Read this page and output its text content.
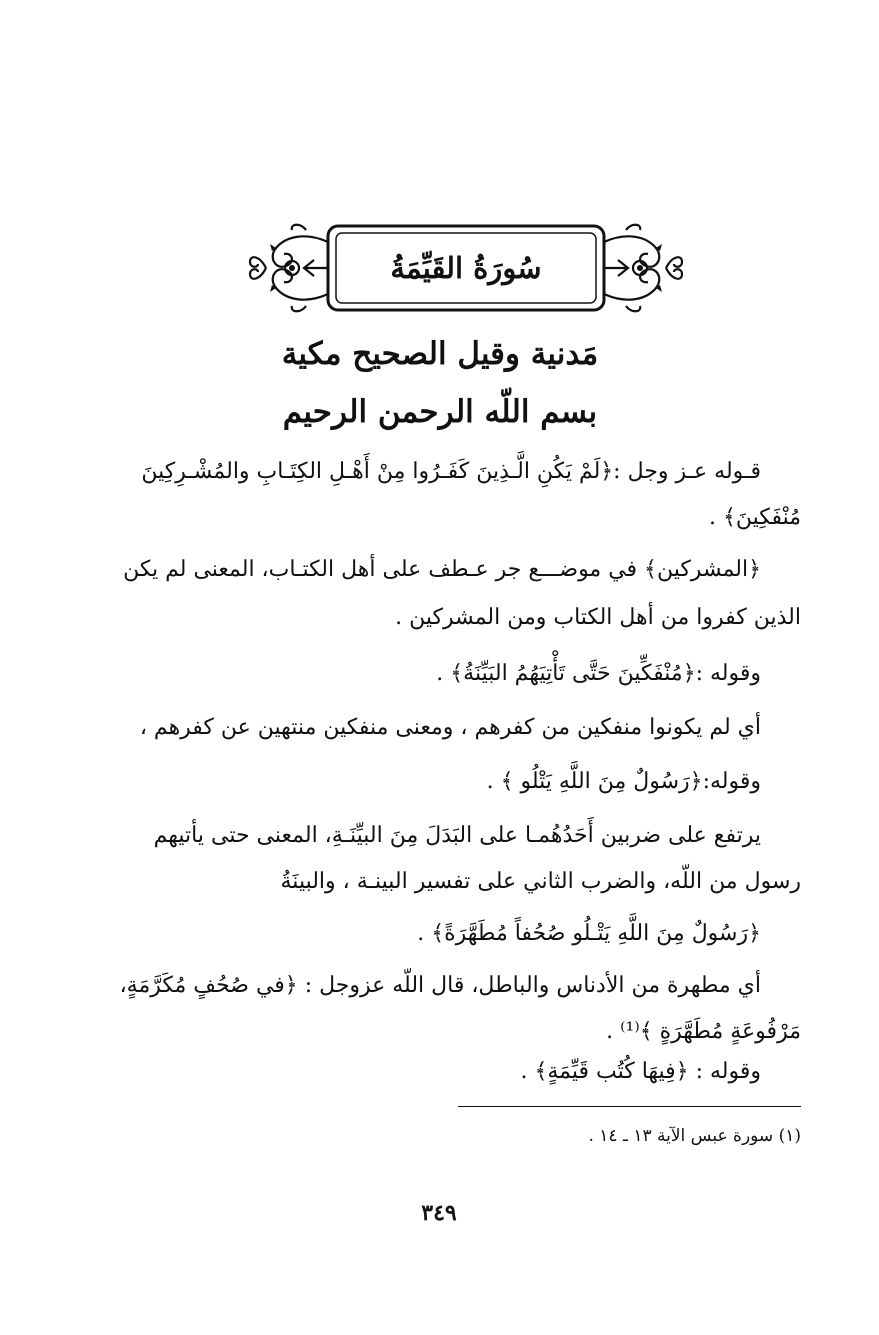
سُورَةُ القَيِّمَةُ
مَدنية وقيل الصحيح مكية
بسم اللّه الرحمن الرحيم
قـوله عـز وجل :﴿لَمْ يَكُنِ الَّـذِينَ كَفَـرُوا مِنْ أَهْـلِ الكِتَـابِ والمُشْـرِكِينَ
مُنْفَكِينَ﴾ .
﴿المشركين﴾ في موضـــع جر عـطف على أهل الكتـاب، المعنى لم يكن
الذين كفروا من أهل الكتاب ومن المشركين .
وقوله :﴿مُنْفَكِّينَ حَتَّى تَأْتِيَهُمُ البَيِّنَةُ﴾ .
أي لم يكونوا منفكين من كفرهم ، ومعنى منفكين منتهين عن كفرهم ،
وقوله:﴿رَسُولٌ مِنَ اللَّهِ يَتْلُو ﴾ .
يرتفع على ضربين أَحَدُهُمـا على البَدَلَ مِنَ البيِّنَـةِ، المعنى حتى يأتيهم
رسول من اللّه، والضرب الثاني على تفسير البينـة ، والبينَةُ
﴿رَسُولٌ مِنَ اللَّهِ يَتْـلُو صُحُفاً مُطَهَّرَةً﴾ .
أي مطهرة من الأدناس والباطل، قال اللّه عزوجل : ﴿في صُحُفٍ مُكَرَّمَةٍ،
مَرْفُوعَةٍ مُطَهَّرَةٍ ﴾⁽¹⁾ .
وقوله : ﴿فِيهَا كُتُب قَيِّمَةٍ﴾ .
(١) سورة عبس الآية ١٣ ـ ١٤ .
٣٤٩
